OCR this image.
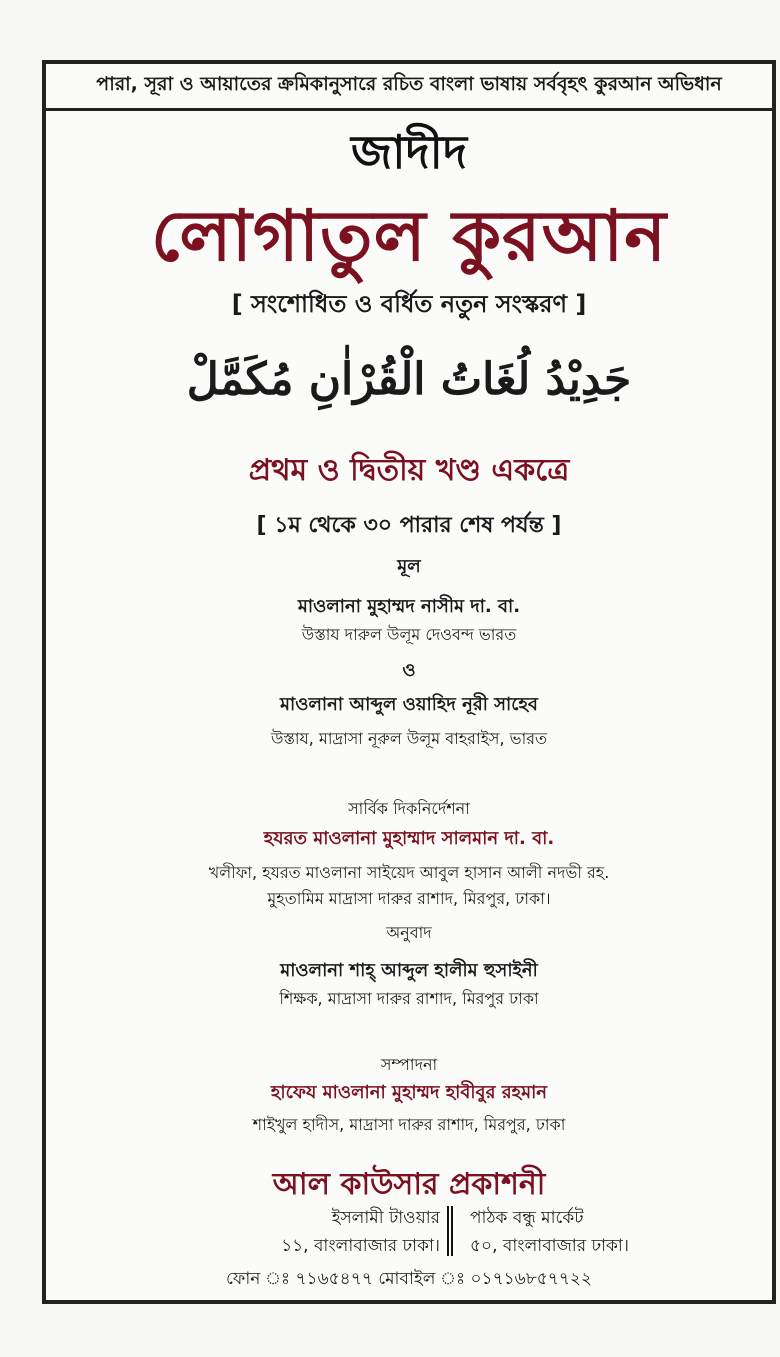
পারা, সূরা ও আয়াতের ক্রমিকানুসারে রচিত বাংলা ভাষায় সর্ববৃহৎ কুরআন অভিধান
জাদীদ
লোগাতুল কুরআন
[ সংশোধিত ও বর্ধিত নতুন সংস্করণ ]
جَدِيْدُ لُغَاتُ الْقُرْاٰنِ مُكَمَّلْ
প্রথম ও দ্বিতীয় খণ্ড একত্রে
[ ১ম থেকে ৩০ পারার শেষ পর্যন্ত ]
মূল
মাওলানা মুহাম্মদ নাসীম দা. বা.
উস্তায দারুল উলূম দেওবন্দ ভারত
ও
মাওলানা আব্দুল ওয়াহিদ নূরী সাহেব
উস্তায, মাদ্রাসা নূরুল উলূম বাহরাইস, ভারত
সার্বিক দিকনির্দেশনা
হযরত মাওলানা মুহাম্মাদ সালমান দা. বা.
খলীফা, হযরত মাওলানা সাইয়েদ আবুল হাসান আলী নদভী রহ.
মুহতামিম মাদ্রাসা দারুর রাশাদ, মিরপুর, ঢাকা।
অনুবাদ
মাওলানা শাহ্ আব্দুল হালীম হুসাইনী
শিক্ষক, মাদ্রাসা দারুর রাশাদ, মিরপুর ঢাকা
সম্পাদনা
হাফেয মাওলানা মুহাম্মদ হাবীবুর রহমান
শাইখুল হাদীস, মাদ্রাসা দারুর রাশাদ, মিরপুর, ঢাকা
আল কাউসার প্রকাশনী
ইসলামী টাওয়ার
১১, বাংলাবাজার ঢাকা।
পাঠক বন্ধু মার্কেট
৫০, বাংলাবাজার ঢাকা।
ফোন ঃ ৭১৬৫৪৭৭ মোবাইল ঃ ০১৭১৬৮৫৭৭২২
